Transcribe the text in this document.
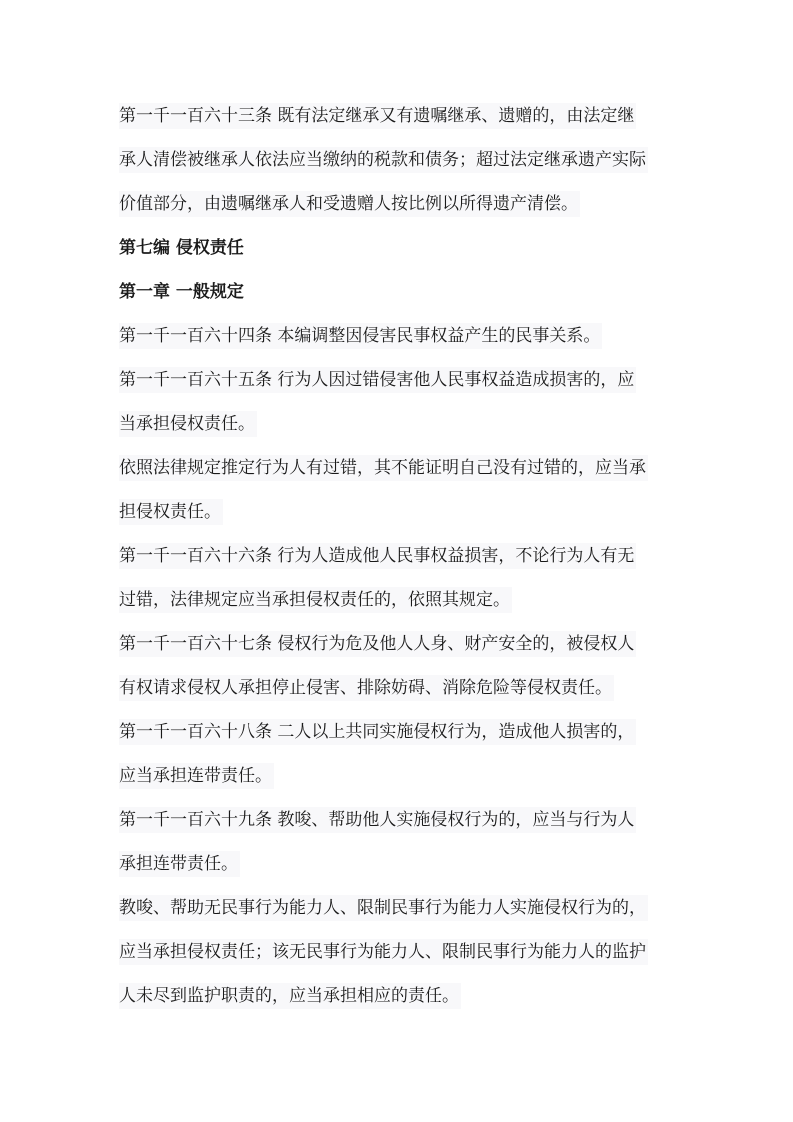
第一千一百六十三条 既有法定继承又有遗嘱继承、遗赠的，由法定继
承人清偿被继承人依法应当缴纳的税款和债务；超过法定继承遗产实际
价值部分，由遗嘱继承人和受遗赠人按比例以所得遗产清偿。
第七编 侵权责任
第一章 一般规定
第一千一百六十四条 本编调整因侵害民事权益产生的民事关系。
第一千一百六十五条 行为人因过错侵害他人民事权益造成损害的，应
当承担侵权责任。
依照法律规定推定行为人有过错，其不能证明自己没有过错的，应当承
担侵权责任。
第一千一百六十六条 行为人造成他人民事权益损害，不论行为人有无
过错，法律规定应当承担侵权责任的，依照其规定。
第一千一百六十七条 侵权行为危及他人人身、财产安全的，被侵权人
有权请求侵权人承担停止侵害、排除妨碍、消除危险等侵权责任。
第一千一百六十八条 二人以上共同实施侵权行为，造成他人损害的，
应当承担连带责任。
第一千一百六十九条 教唆、帮助他人实施侵权行为的，应当与行为人
承担连带责任。
教唆、帮助无民事行为能力人、限制民事行为能力人实施侵权行为的，
应当承担侵权责任；该无民事行为能力人、限制民事行为能力人的监护
人未尽到监护职责的，应当承担相应的责任。
